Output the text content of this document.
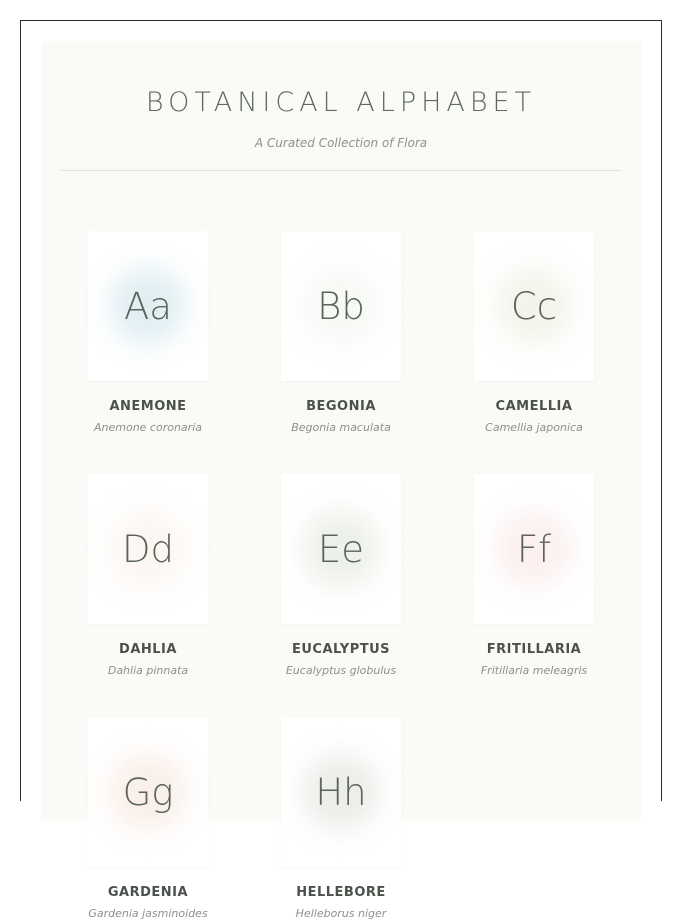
BOTANICAL ALPHABET
A Curated Collection of Flora
Aa
ANEMONE
Anemone coronaria
Bb
BEGONIA
Begonia maculata
Cc
CAMELLIA
Camellia japonica
Dd
DAHLIA
Dahlia pinnata
Ee
EUCALYPTUS
Eucalyptus globulus
Ff
FRITILLARIA
Fritillaria meleagris
Gg
GARDENIA
Gardenia jasminoides
Hh
HELLEBORE
Helleborus niger
